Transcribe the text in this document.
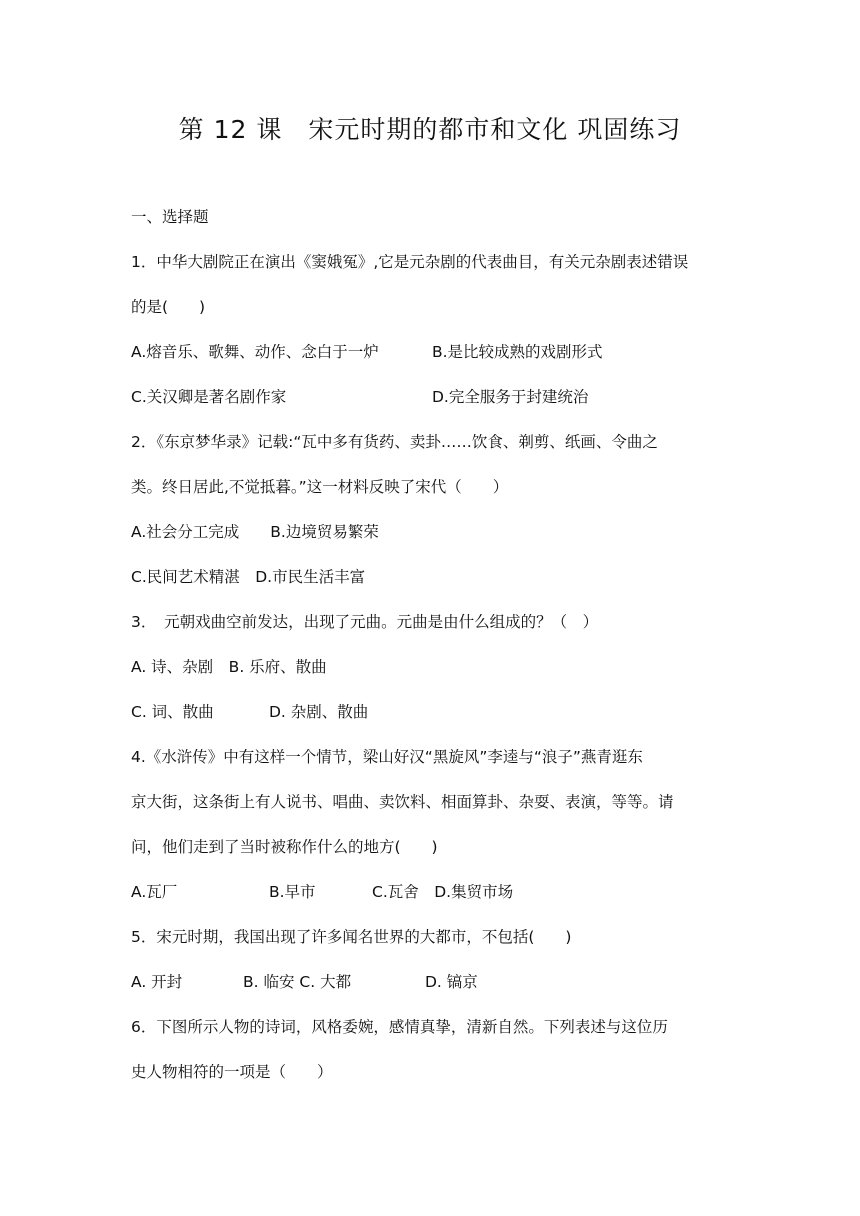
第 12 课　宋元时期的都市和文化 巩固练习
一、选择题
1．中华大剧院正在演出《窦娥冤》,它是元杂剧的代表曲目，有关元杂剧表述错误
的是(　　)
A.熔音乐、歌舞、动作、念白于一炉	B.是比较成熟的戏剧形式
C.关汉卿是著名剧作家	D.完全服务于封建统治
2．《东京梦华录》记载:“瓦中多有货药、卖卦……饮食、剃剪、纸画、令曲之
类。终日居此,不觉抵暮。”这一材料反映了宋代（　　）
A.社会分工完成　　B.边境贸易繁荣
C.民间艺术精湛　D.市民生活丰富
3．　元朝戏曲空前发达，出现了元曲。元曲是由什么组成的？（　）
A. 诗、杂剧　B. 乐府、散曲
C. 词、散曲	D. 杂剧、散曲
4.《水浒传》中有这样一个情节，梁山好汉“黑旋风”李逵与“浪子”燕青逛东
京大街，这条街上有人说书、唱曲、卖饮料、相面算卦、杂耍、表演，等等。请
问，他们走到了当时被称作什么的地方(　　)
A.瓦厂	B.早市	C.瓦舍　D.集贸市场
5．宋元时期，我国出现了许多闻名世界的大都市，不包括(　　)
A. 开封	B. 临安 C. 大都	D. 镐京
6．下图所示人物的诗词，风格委婉，感情真挚，清新自然。下列表述与这位历
史人物相符的一项是（　　）
